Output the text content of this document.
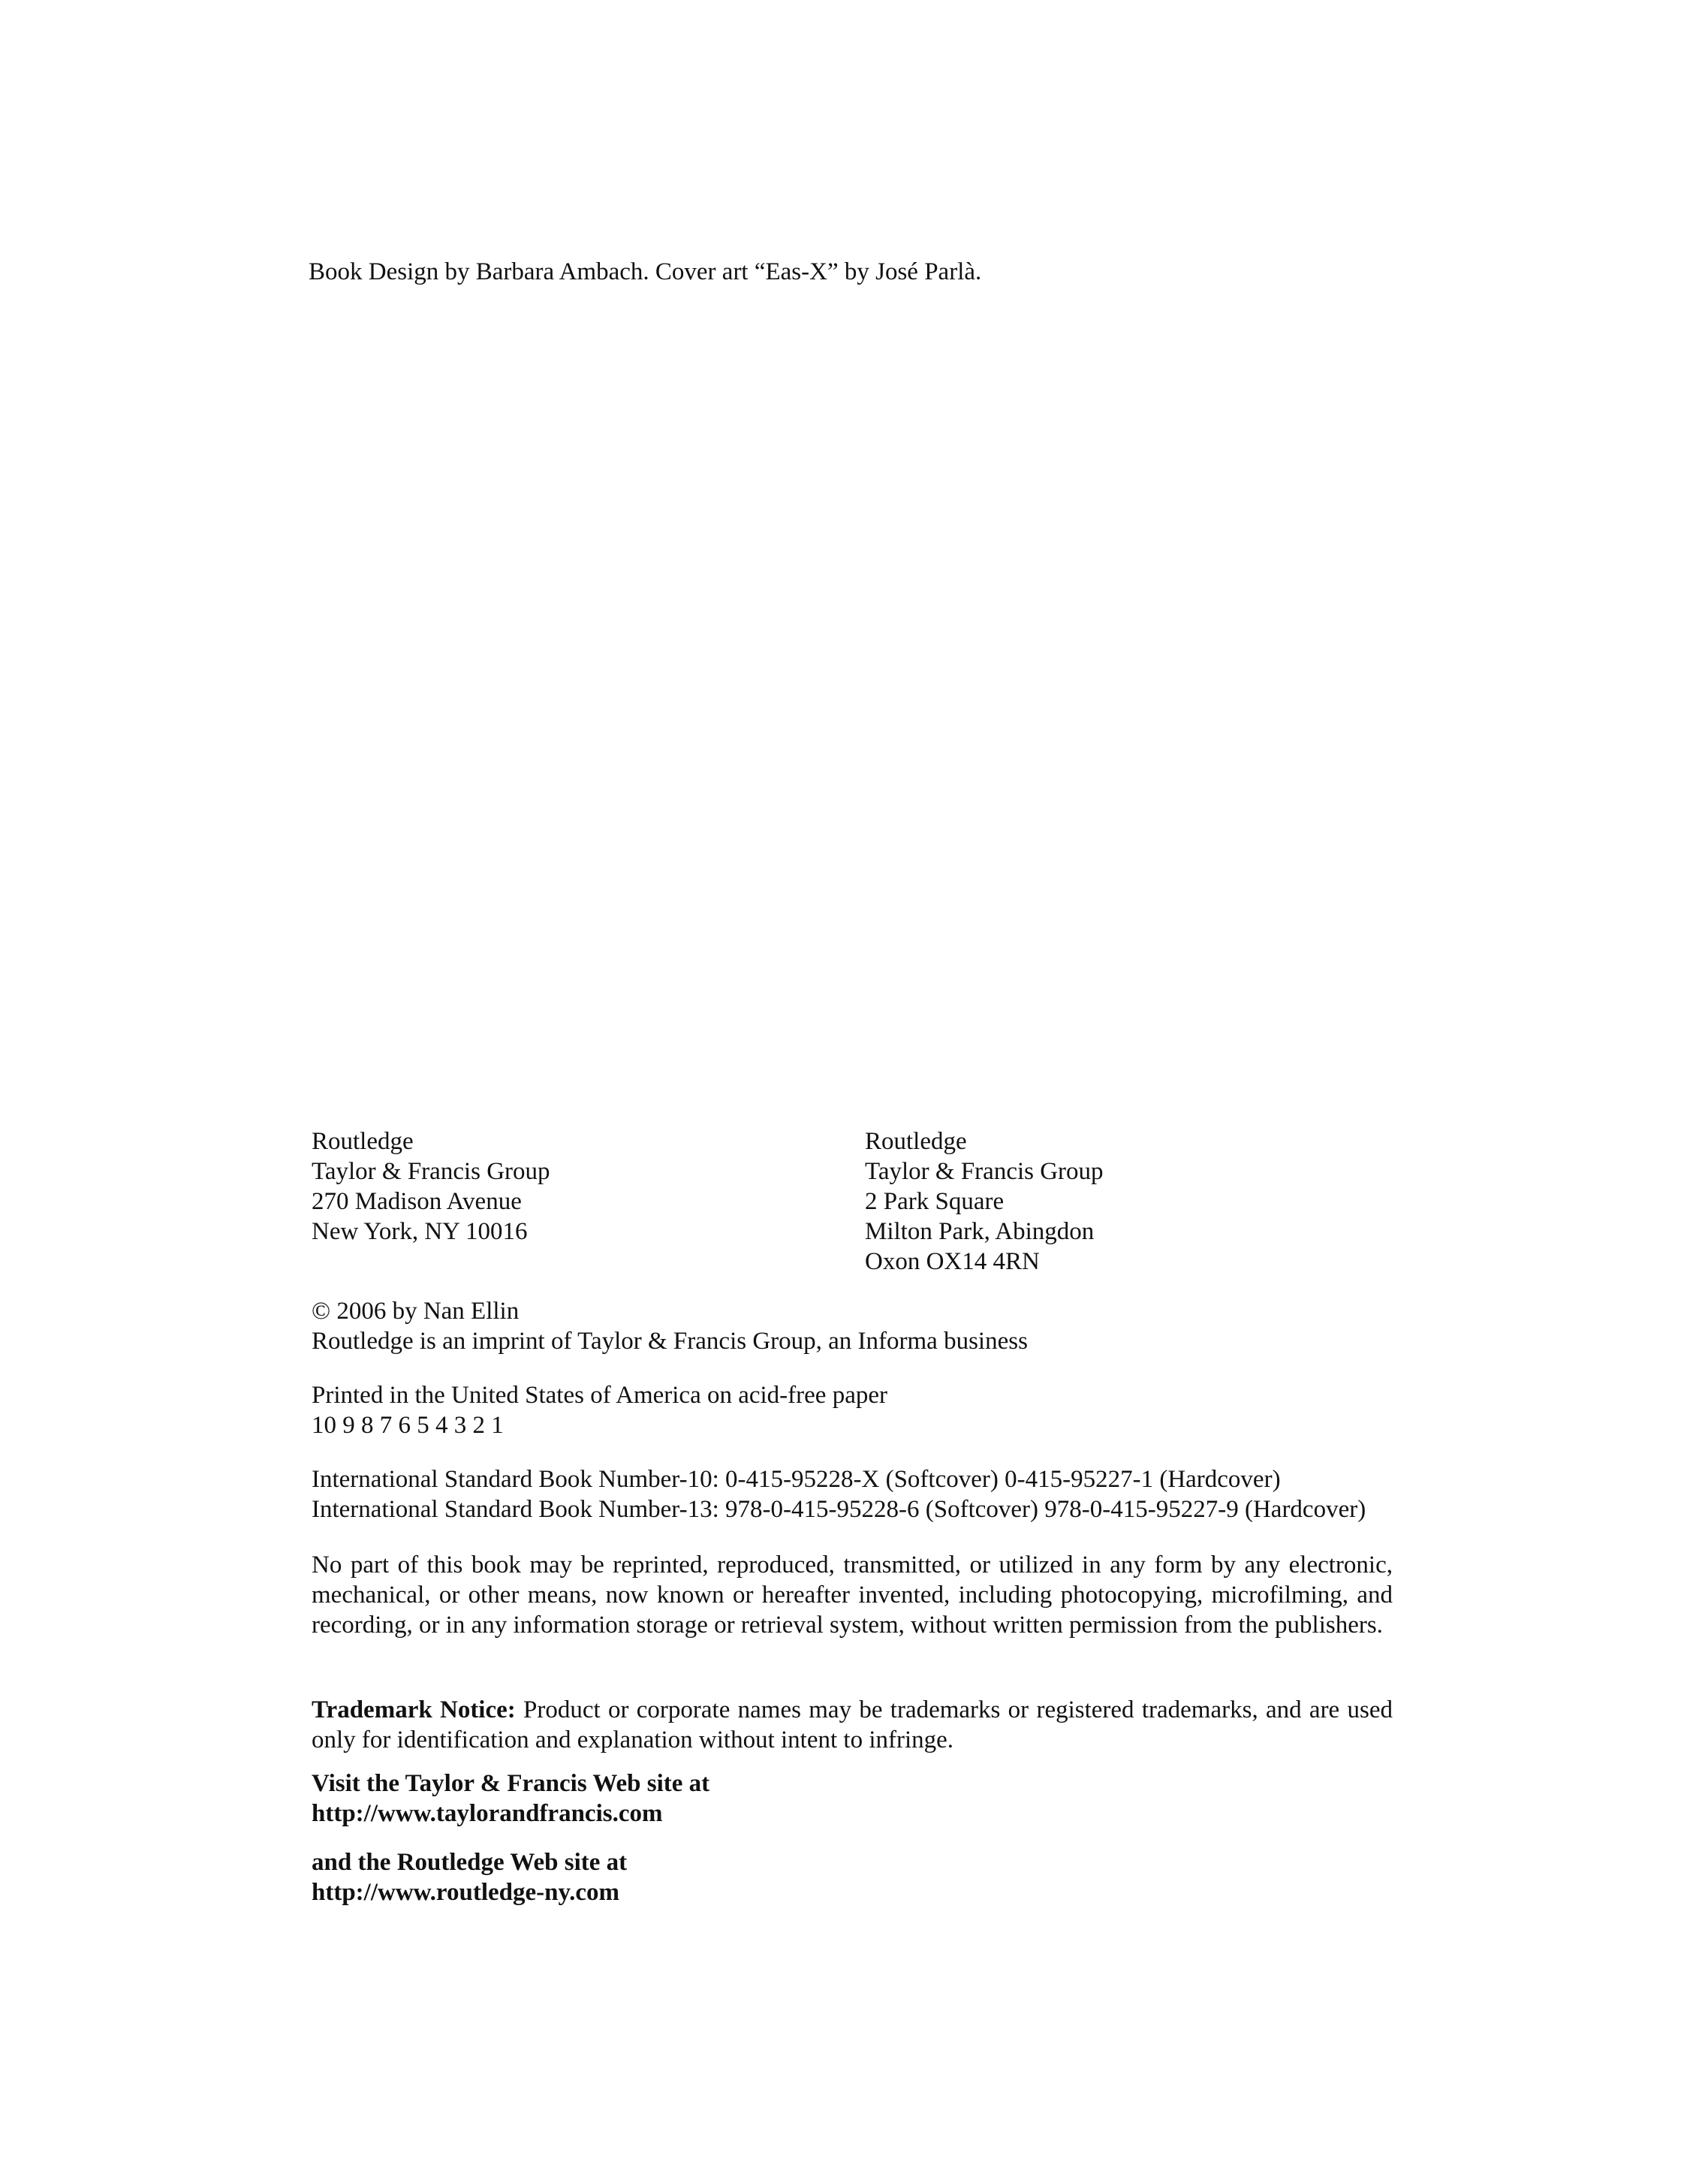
Book Design by Barbara Ambach. Cover art “Eas-X” by José Parlà.
Routledge
Taylor & Francis Group
270 Madison Avenue
New York, NY 10016
Routledge
Taylor & Francis Group
2 Park Square
Milton Park, Abingdon
Oxon OX14 4RN
© 2006 by Nan Ellin
Routledge is an imprint of Taylor & Francis Group, an Informa business
Printed in the United States of America on acid-free paper
10 9 8 7 6 5 4 3 2 1
International Standard Book Number-10: 0-415-95228-X (Softcover) 0-415-95227-1 (Hardcover)
International Standard Book Number-13: 978-0-415-95228-6 (Softcover) 978-0-415-95227-9 (Hardcover)
No part of this book may be reprinted, reproduced, transmitted, or utilized in any form by any electronic, mechanical, or other means, now known or hereafter invented, including photocopying, microfilming, and recording, or in any information storage or retrieval system, without written permission from the publishers.
Trademark Notice: Product or corporate names may be trademarks or registered trademarks, and are used only for identification and explanation without intent to infringe.
Visit the Taylor & Francis Web site at
http://www.taylorandfrancis.com
and the Routledge Web site at
http://www.routledge-ny.com
